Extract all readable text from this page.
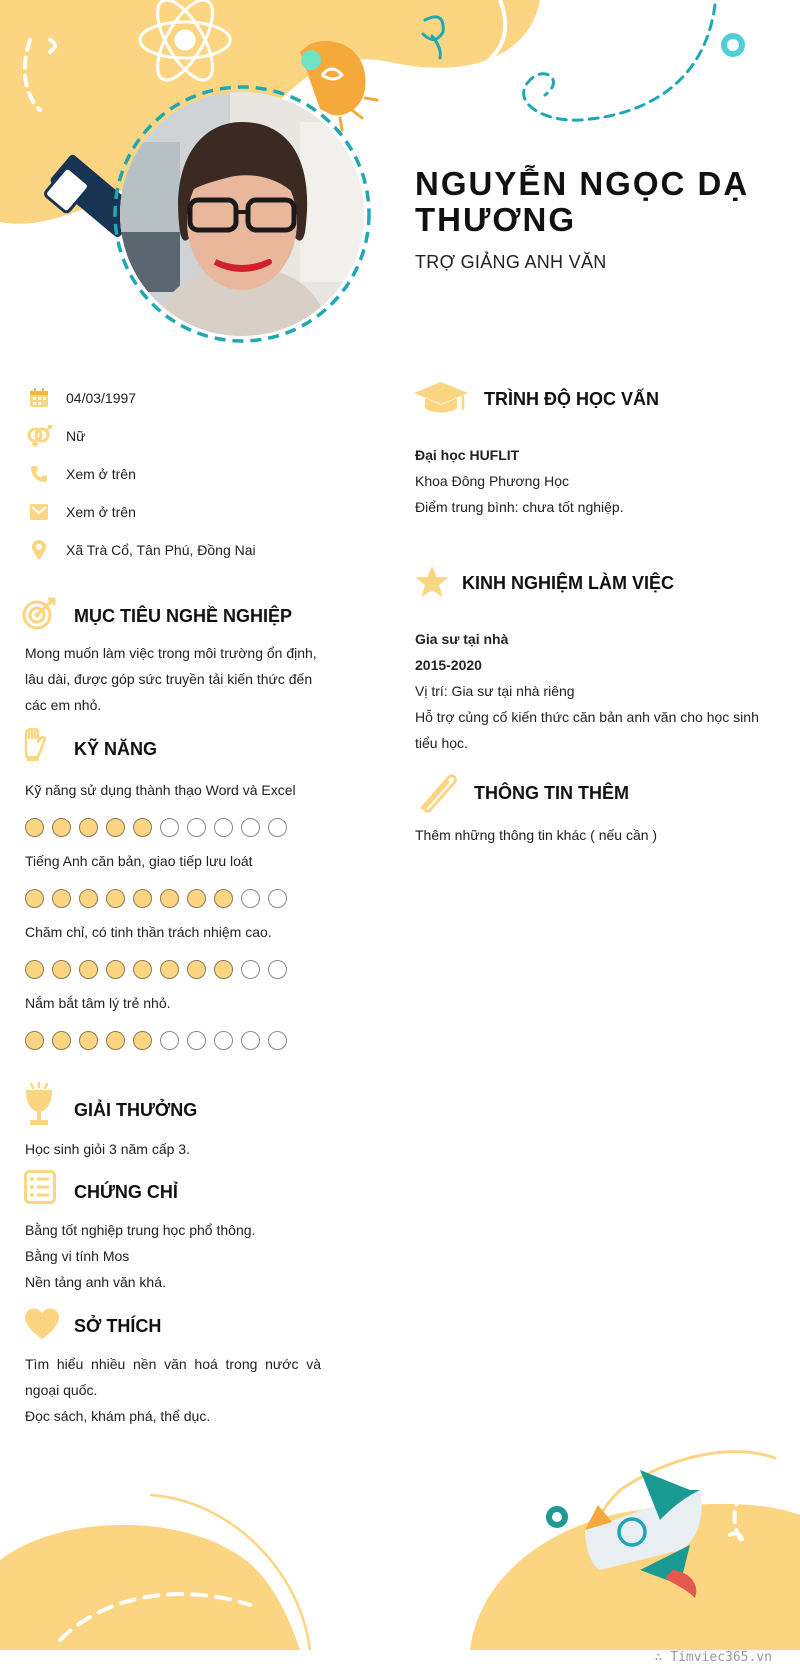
NGUYỄN NGỌC DẠ THƯƠNG
TRỢ GIẢNG ANH VĂN
04/03/1997
Nữ
Xem ở trên
Xem ở trên
Xã Trà Cổ, Tân Phú, Đồng Nai
MỤC TIÊU NGHỀ NGHIỆP

Mong muốn làm việc trong môi trường ổn định,

lâu dài, được góp sức truyền tải kiến thức đến

các em nhỏ.

KỸ NĂNG
Kỹ năng sử dụng thành thạo Word và Excel
Tiếng Anh căn bản, giao tiếp lưu loát
Chăm chỉ, có tinh thần trách nhiệm cao.
Nắm bắt tâm lý trẻ nhỏ.
GIẢI THƯỞNG

Học sinh giỏi 3 năm cấp 3.

CHỨNG CHỈ

Bằng tốt nghiệp trung học phổ thông.

Bằng vi tính Mos

Nền tảng anh văn khá.

SỞ THÍCH

Tìm hiểu nhiều nền văn hoá trong nước và

ngoại quốc.

Đọc sách, khám phá, thể dục.

TRÌNH ĐỘ HỌC VẤN

Đại học HUFLIT

Khoa Đông Phương Học

Điểm trung bình: chưa tốt nghiệp.

KINH NGHIỆM LÀM VIỆC

Gia sư tại nhà

2015-2020

Vị trí: Gia sư tại nhà riêng

Hỗ trợ củng cố kiến thức căn bản anh văn cho học sinh

tiểu học.

THÔNG TIN THÊM

Thêm những thông tin khác ( nếu cần )

∴ Timviec365.vn
